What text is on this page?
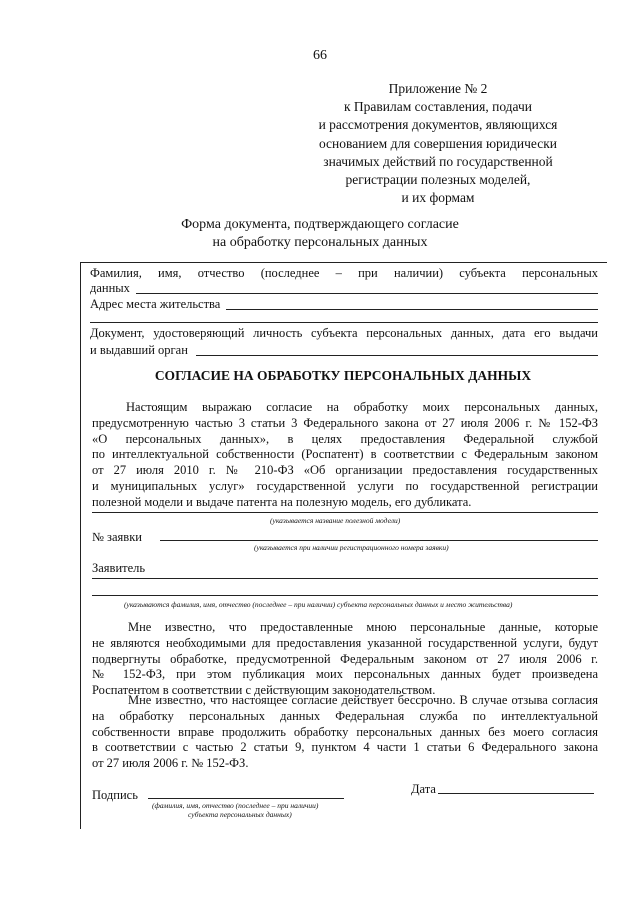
66
Приложение № 2
к Правилам составления, подачи
и рассмотрения документов, являющихся
основанием для совершения юридически
значимых действий по государственной
регистрации полезных моделей,
и их формам
Форма документа, подтверждающего согласие
на обработку персональных данных
Фамилия, имя, отчество (последнее – при наличии) субъекта персональных
данных
Адрес места жительства
Документ, удостоверяющий личность субъекта персональных данных, дата его выдачи
и выдавший орган
СОГЛАСИЕ НА ОБРАБОТКУ ПЕРСОНАЛЬНЫХ ДАННЫХ
Настоящим выражаю согласие на обработку моих персональных данных,
предусмотренную частью 3 статьи 3 Федерального закона от 27 июля 2006 г. № 152-ФЗ
«О персональных данных», в целях предоставления Федеральной службой
по интеллектуальной собственности (Роспатент) в соответствии с Федеральным законом
от 27 июля 2010 г. № 210-ФЗ «Об организации предоставления государственных
и муниципальных услуг» государственной услуги по государственной регистрации
полезной модели и выдаче патента на полезную модель, его дубликата.
(указывается название полезной модели)
№ заявки
(указывается при наличии регистрационного номера заявки)
Заявитель
(указываются фамилия, имя, отчество (последнее – при наличии) субъекта персональных данных и место жительства)
Мне известно, что предоставленные мною персональные данные, которые
не являются необходимыми для предоставления указанной государственной услуги, будут
подвергнуты обработке, предусмотренной Федеральным законом от 27 июля 2006 г.
№ 152-ФЗ, при этом публикация моих персональных данных будет произведена
Роспатентом в соответствии с действующим законодательством.
Мне известно, что настоящее согласие действует бессрочно. В случае отзыва согласия
на обработку персональных данных Федеральная служба по интеллектуальной
собственности вправе продолжить обработку персональных данных без моего согласия
в соответствии с частью 2 статьи 9, пунктом 4 части 1 статьи 6 Федерального закона
от 27 июля 2006 г. № 152-ФЗ.
Подпись
(фамилия, имя, отчество (последнее – при наличии)
субъекта персональных данных)
Дата
